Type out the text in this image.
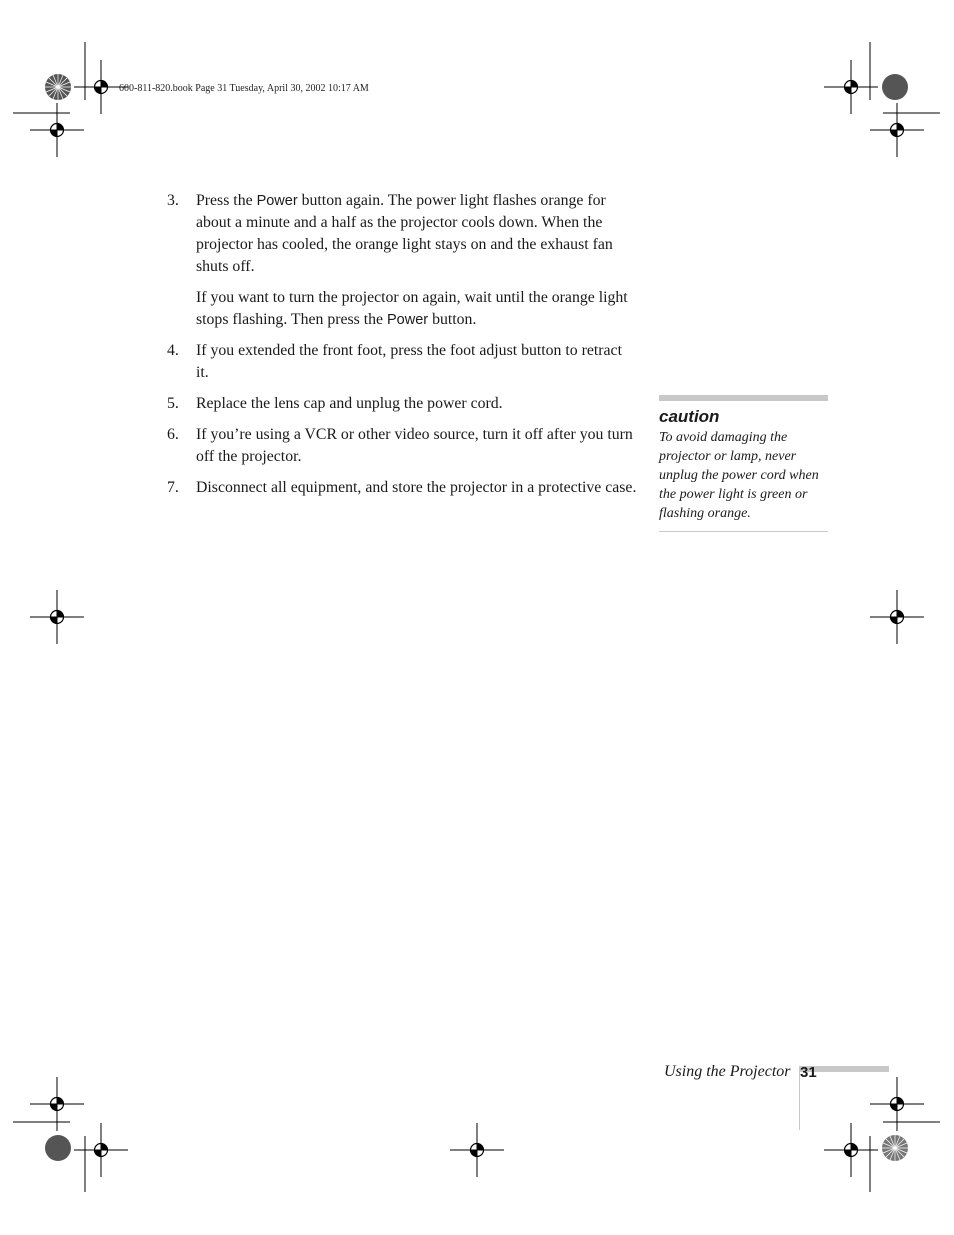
600-811-820.book Page 31 Tuesday, April 30, 2002 10:17 AM
3. Press the Power button again. The power light flashes orange for about a minute and a half as the projector cools down. When the projector has cooled, the orange light stays on and the exhaust fan shuts off.

If you want to turn the projector on again, wait until the orange light stops flashing. Then press the Power button.

4. If you extended the front foot, press the foot adjust button to retract it.

5. Replace the lens cap and unplug the power cord.

6. If you’re using a VCR or other video source, turn it off after you turn off the projector.

7. Disconnect all equipment, and store the projector in a protective case.

caution
To avoid damaging the projector or lamp, never unplug the power cord when the power light is green or flashing orange.
Using the Projector 31
